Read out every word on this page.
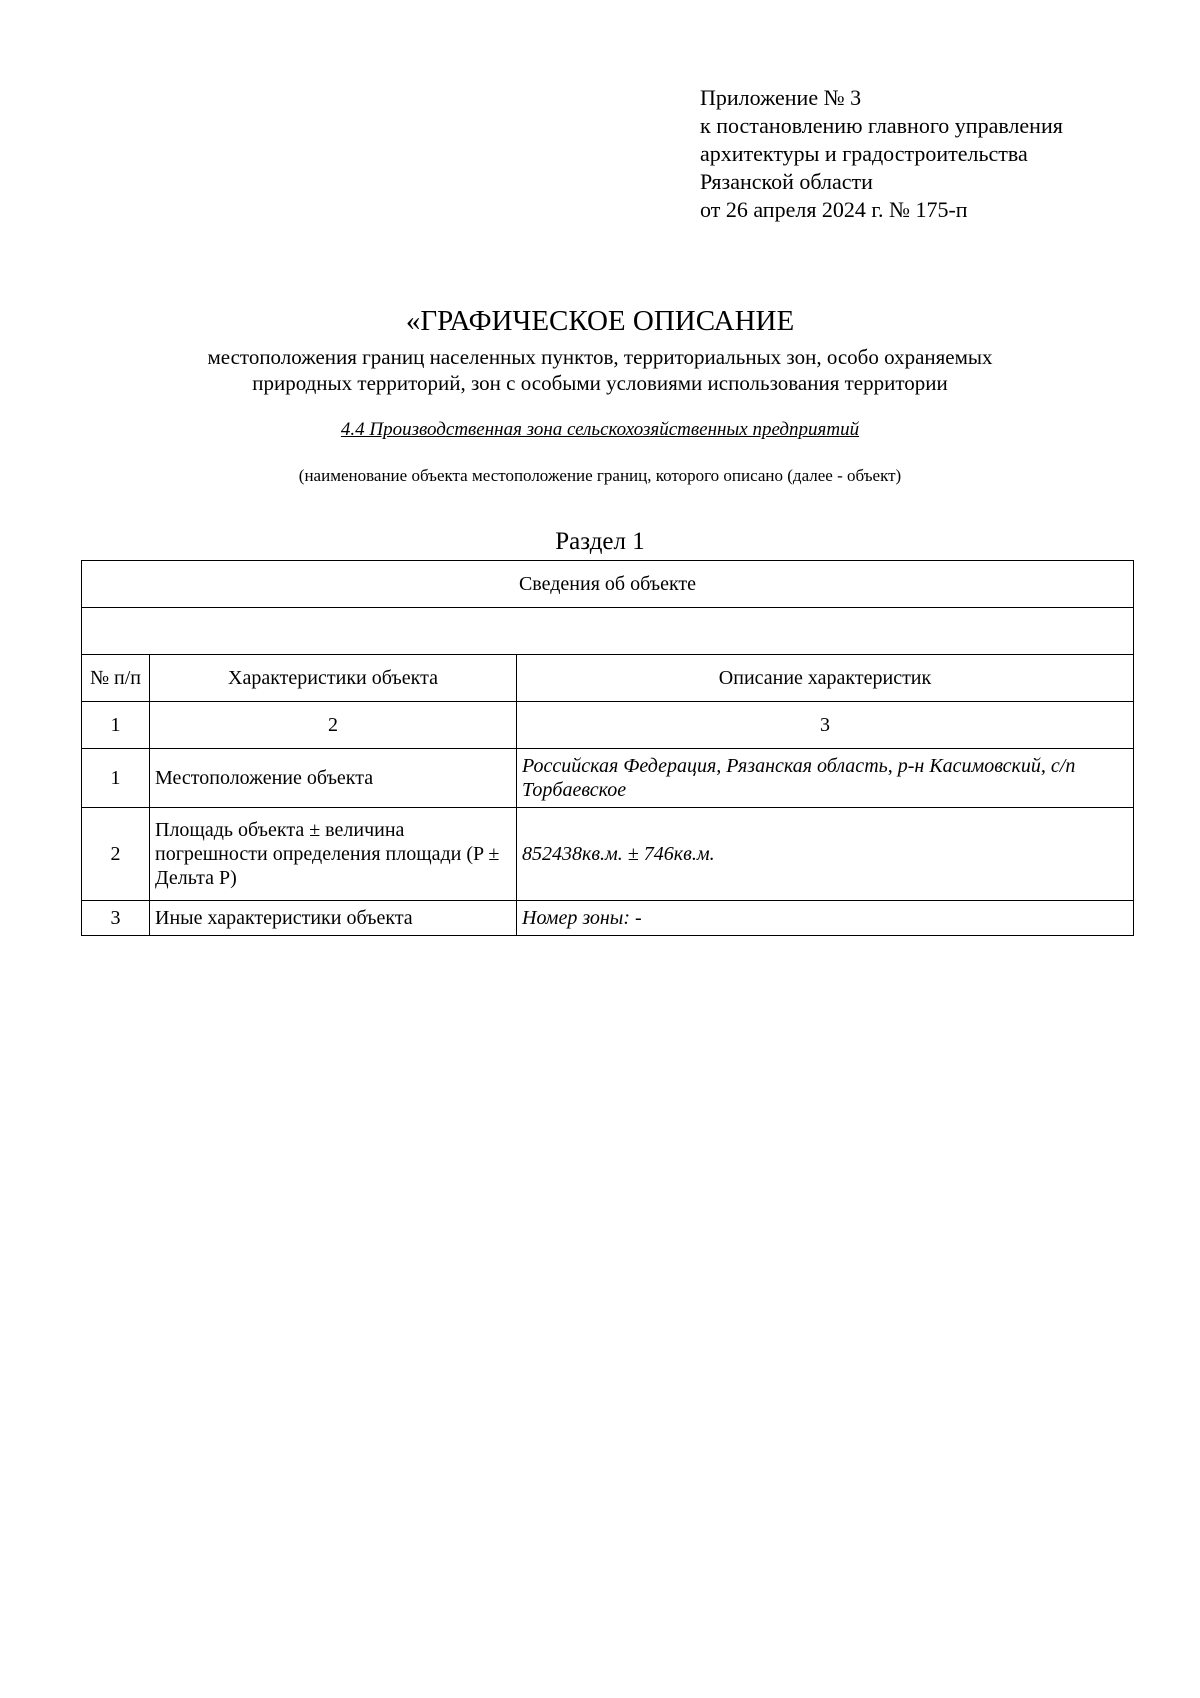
Приложение № 3
к постановлению главного управления
архитектуры и градостроительства
Рязанской области
от 26 апреля 2024 г. № 175-п
«ГРАФИЧЕСКОЕ ОПИСАНИЕ
местоположения границ населенных пунктов, территориальных зон, особо охраняемых
природных территорий, зон с особыми условиями использования территории
4.4 Производственная зона сельскохозяйственных предприятий
(наименование объекта местоположение границ, которого описано (далее - объект)
Раздел 1
Сведения об объекте		

№ п/п	Характеристики объекта	Описание характеристик
1	2	3
1	Местоположение объекта	Российская Федерация, Рязанская область, р-н Касимовский, с/п Торбаевское
2	Площадь объекта ± величина погрешности определения площади (P ± Дельта P)	852438кв.м. ± 746кв.м.
3	Иные характеристики объекта	Номер зоны: -
